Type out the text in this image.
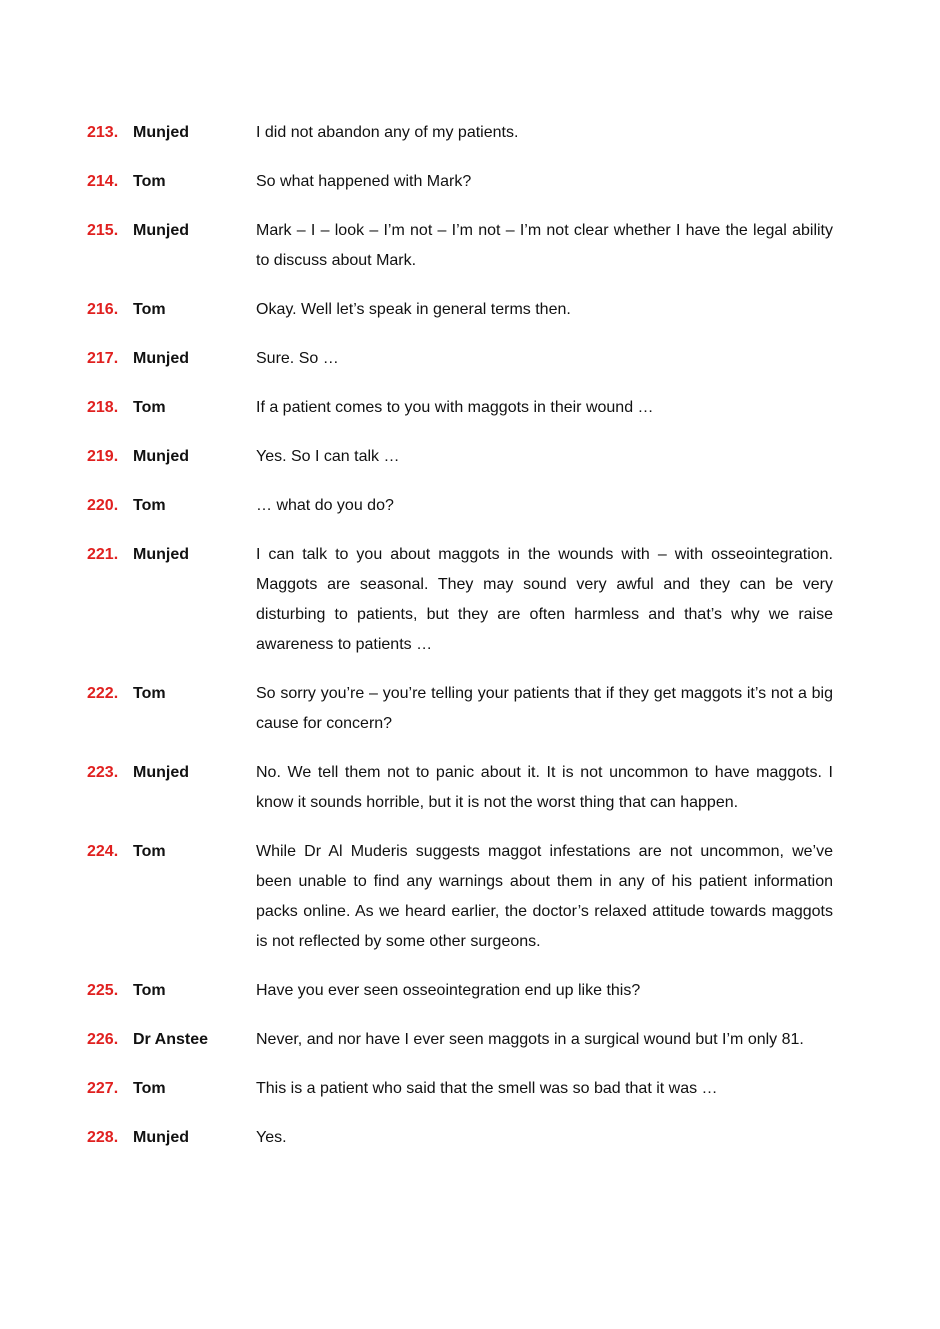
213. Munjed	I did not abandon any of my patients.
214. Tom	So what happened with Mark?
215. Munjed	Mark – I – look – I’m not – I’m not – I’m not clear whether I have the legal ability to discuss about Mark.
216. Tom	Okay. Well let’s speak in general terms then.
217. Munjed	Sure. So …
218. Tom	If a patient comes to you with maggots in their wound …
219. Munjed	Yes. So I can talk …
220. Tom	… what do you do?
221. Munjed	I can talk to you about maggots in the wounds with – with osseointegration. Maggots are seasonal. They may sound very awful and they can be very disturbing to patients, but they are often harmless and that’s why we raise awareness to patients …
222. Tom	So sorry you’re – you’re telling your patients that if they get maggots it’s not a big cause for concern?
223. Munjed	No. We tell them not to panic about it. It is not uncommon to have maggots. I know it sounds horrible, but it is not the worst thing that can happen.
224. Tom	While Dr Al Muderis suggests maggot infestations are not uncommon, we’ve been unable to find any warnings about them in any of his patient information packs online. As we heard earlier, the doctor’s relaxed attitude towards maggots is not reflected by some other surgeons.
225. Tom	Have you ever seen osseointegration end up like this?
226. Dr Anstee	Never, and nor have I ever seen maggots in a surgical wound but I’m only 81.
227. Tom	This is a patient who said that the smell was so bad that it was …
228. Munjed	Yes.
